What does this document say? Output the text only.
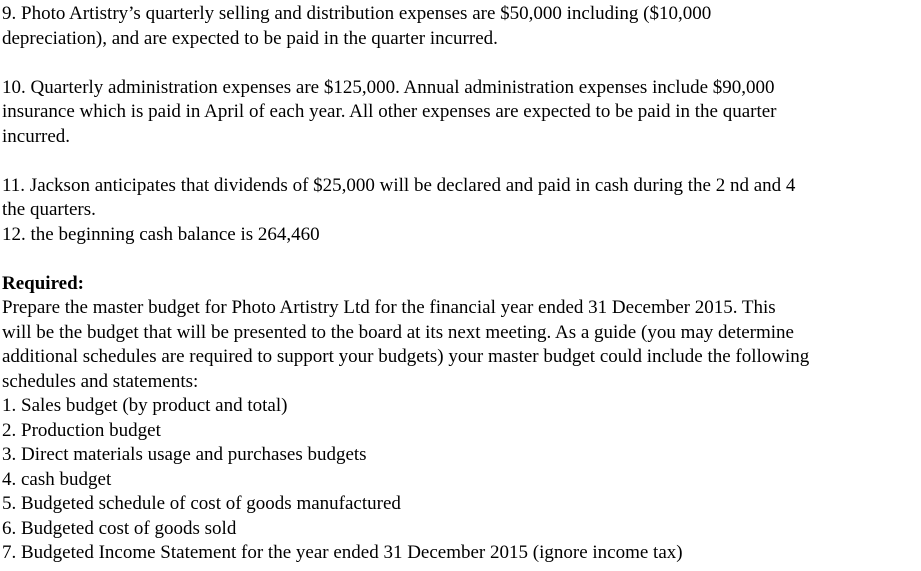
9. Photo Artistry’s quarterly selling and distribution expenses are $50,000 including ($10,000
depreciation), and are expected to be paid in the quarter incurred.

10. Quarterly administration expenses are $125,000. Annual administration expenses include $90,000
insurance which is paid in April of each year. All other expenses are expected to be paid in the quarter
incurred.

11. Jackson anticipates that dividends of $25,000 will be declared and paid in cash during the 2 nd and 4
the quarters.

12. the beginning cash balance is 264,460

Required:
Prepare the master budget for Photo Artistry Ltd for the financial year ended 31 December 2015. This
will be the budget that will be presented to the board at its next meeting. As a guide (you may determine
additional schedules are required to support your budgets) your master budget could include the following
schedules and statements:
1. Sales budget (by product and total)
2. Production budget
3. Direct materials usage and purchases budgets
4. cash budget
5. Budgeted schedule of cost of goods manufactured
6. Budgeted cost of goods sold
7. Budgeted Income Statement for the year ended 31 December 2015 (ignore income tax)
